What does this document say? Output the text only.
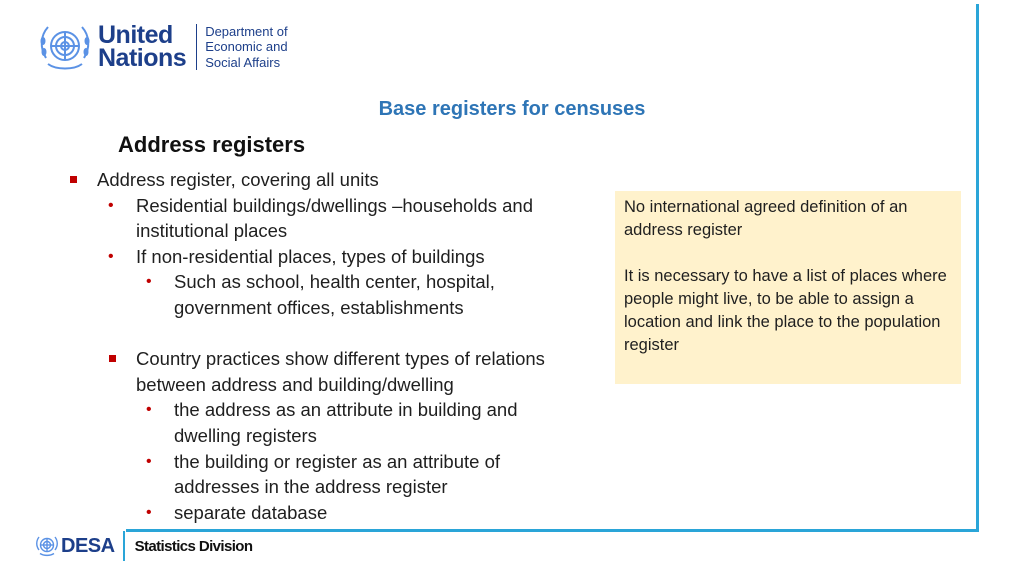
United
Nations
Department of
Economic and
Social Affairs
Base registers for censuses
Address registers
Address register, covering all units
• Residential buildings/dwellings –households and
institutional places
• If non-residential places, types of buildings
• Such as school, health center, hospital,
government offices, establishments
Country practices show different types of relations
between address and building/dwelling
• the address as an attribute in building and
dwelling registers
• the building or register as an attribute of
addresses in the address register
• separate database

No international agreed definition of an address register

It is necessary to have a list of places where people might live, to be able to assign a location and link the place to the population register

DESA Statistics Division
